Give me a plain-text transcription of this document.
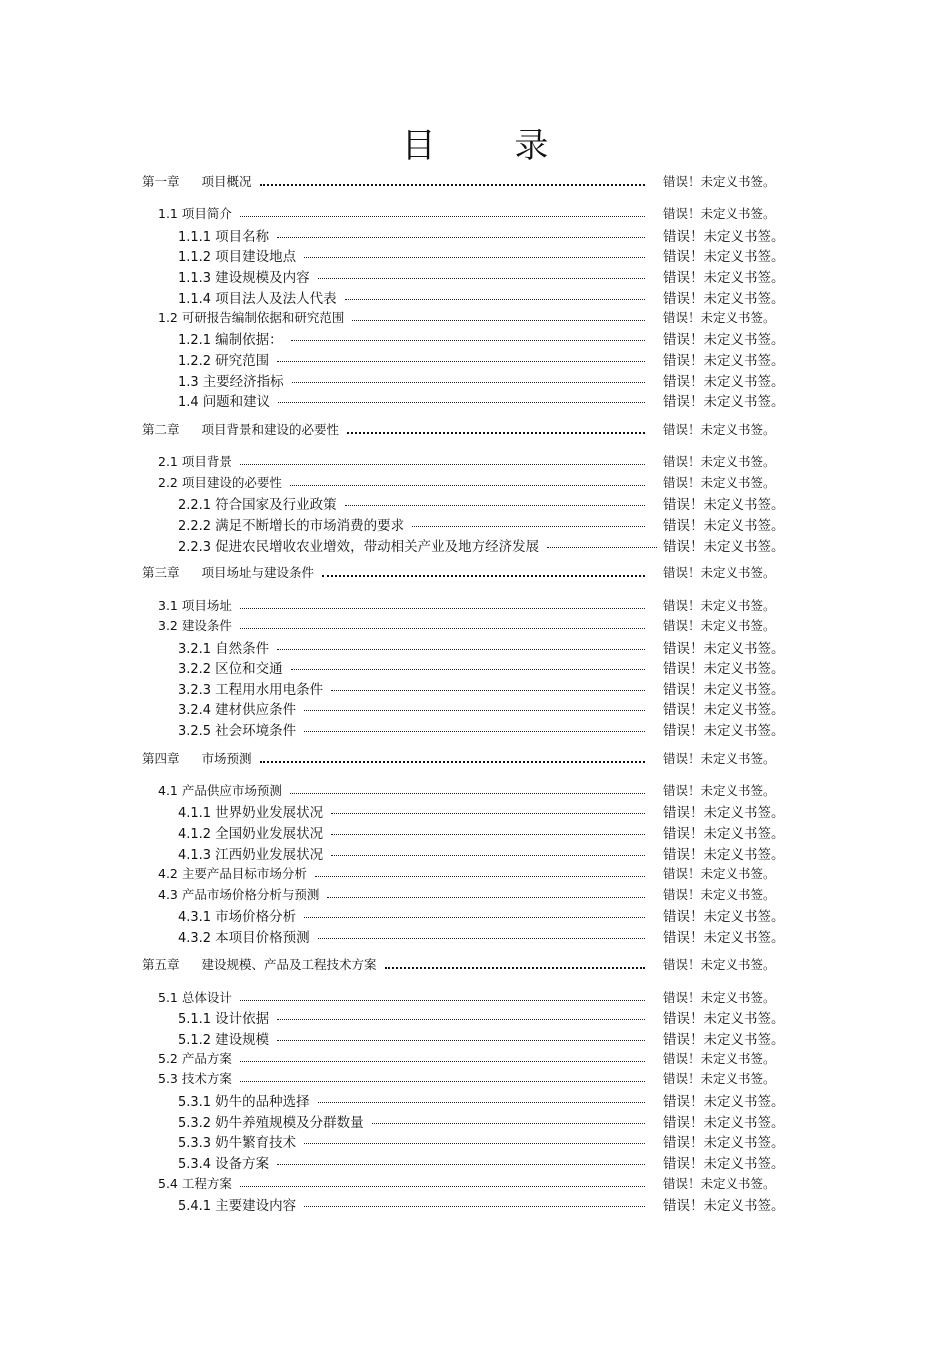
目 录
第一章 项目概况	错误！未定义书签。
1.1 项目简介	错误！未定义书签。
1.1.1 项目名称	错误！未定义书签。
1.1.2 项目建设地点	错误！未定义书签。
1.1.3 建设规模及内容	错误！未定义书签。
1.1.4 项目法人及法人代表	错误！未定义书签。
1.2 可研报告编制依据和研究范围	错误！未定义书签。
1.2.1 编制依据：	错误！未定义书签。
1.2.2 研究范围	错误！未定义书签。
1.3 主要经济指标	错误！未定义书签。
1.4 问题和建议	错误！未定义书签。
第二章 项目背景和建设的必要性	错误！未定义书签。
2.1 项目背景	错误！未定义书签。
2.2 项目建设的必要性	错误！未定义书签。
2.2.1 符合国家及行业政策	错误！未定义书签。
2.2.2 满足不断增长的市场消费的要求	错误！未定义书签。
2.2.3 促进农民增收农业增效，带动相关产业及地方经济发展	错误！未定义书签。
第三章 项目场址与建设条件	错误！未定义书签。
3.1 项目场址	错误！未定义书签。
3.2 建设条件	错误！未定义书签。
3.2.1 自然条件	错误！未定义书签。
3.2.2 区位和交通	错误！未定义书签。
3.2.3 工程用水用电条件	错误！未定义书签。
3.2.4 建材供应条件	错误！未定义书签。
3.2.5 社会环境条件	错误！未定义书签。
第四章 市场预测	错误！未定义书签。
4.1 产品供应市场预测	错误！未定义书签。
4.1.1 世界奶业发展状况	错误！未定义书签。
4.1.2 全国奶业发展状况	错误！未定义书签。
4.1.3 江西奶业发展状况	错误！未定义书签。
4.2 主要产品目标市场分析	错误！未定义书签。
4.3 产品市场价格分析与预测	错误！未定义书签。
4.3.1 市场价格分析	错误！未定义书签。
4.3.2 本项目价格预测	错误！未定义书签。
第五章 建设规模、产品及工程技术方案	错误！未定义书签。
5.1 总体设计	错误！未定义书签。
5.1.1 设计依据	错误！未定义书签。
5.1.2 建设规模	错误！未定义书签。
5.2 产品方案	错误！未定义书签。
5.3 技术方案	错误！未定义书签。
5.3.1 奶牛的品种选择	错误！未定义书签。
5.3.2 奶牛养殖规模及分群数量	错误！未定义书签。
5.3.3 奶牛繁育技术	错误！未定义书签。
5.3.4 设备方案	错误！未定义书签。
5.4 工程方案	错误！未定义书签。
5.4.1 主要建设内容	错误！未定义书签。
